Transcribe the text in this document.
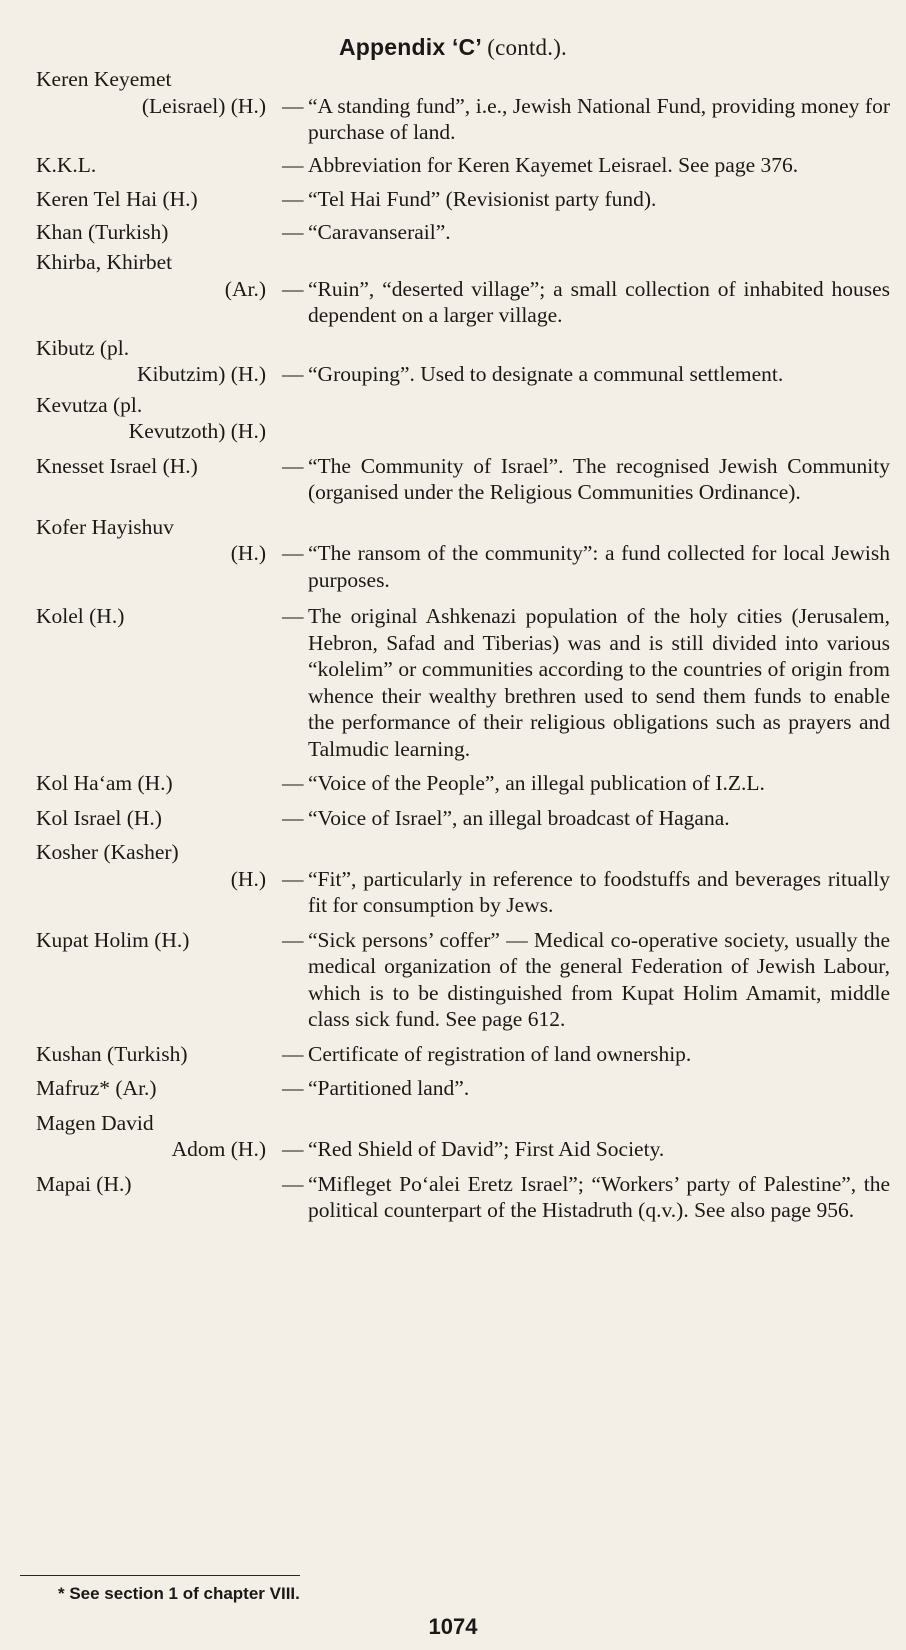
Appendix ‘C’ (contd.).
Keren Keyemet
(Leisrael) (H.) — “A standing fund”, i.e., Jewish National Fund, providing money for purchase of land.
K.K.L.	— Abbreviation for Keren Kayemet Leisrael. See page 376.
Keren Tel Hai (H.)	— “Tel Hai Fund” (Revisionist party fund).
Khan (Turkish)	— “Caravanserail”.
Khirba, Khirbet
(Ar.) — “Ruin”, “deserted village”; a small collection of inhabited houses dependent on a larger village.
Kibutz (pl.
Kibutzim) (H.) — “Grouping”. Used to designate a communal settlement.
Kevutza (pl.
Kevutzoth) (H.)
Knesset Israel (H.)	— “The Community of Israel”. The recognised Jewish Community (organised under the Religious Communities Ordinance).
Kofer Hayishuv
(H.) — “The ransom of the community”: a fund collected for local Jewish purposes.
Kolel (H.)	— The original Ashkenazi population of the holy cities (Jerusalem, Hebron, Safad and Tiberias) was and is still divided into various “kolelim” or communities according to the countries of origin from whence their wealthy brethren used to send them funds to enable the performance of their religious obligations such as prayers and Talmudic learning.
Kol Ha‘am (H.)	— “Voice of the People”, an illegal publication of I.Z.L.
Kol Israel (H.)	— “Voice of Israel”, an illegal broadcast of Hagana.
Kosher (Kasher)
(H.) — “Fit”, particularly in reference to foodstuffs and beverages ritually fit for consumption by Jews.
Kupat Holim (H.)	— “Sick persons’ coffer” — Medical co-operative society, usually the medical organization of the general Federation of Jewish Labour, which is to be distinguished from Kupat Holim Amamit, middle class sick fund. See page 612.
Kushan (Turkish)	— Certificate of registration of land ownership.
Mafruz* (Ar.)	— “Partitioned land”.
Magen David
Adom (H.) — “Red Shield of David”; First Aid Society.
Mapai (H.)	— “Mifleget Po‘alei Eretz Israel”; “Workers’ party of Palestine”, the political counterpart of the Histadruth (q.v.). See also page 956.
* See section 1 of chapter VIII.
1074
